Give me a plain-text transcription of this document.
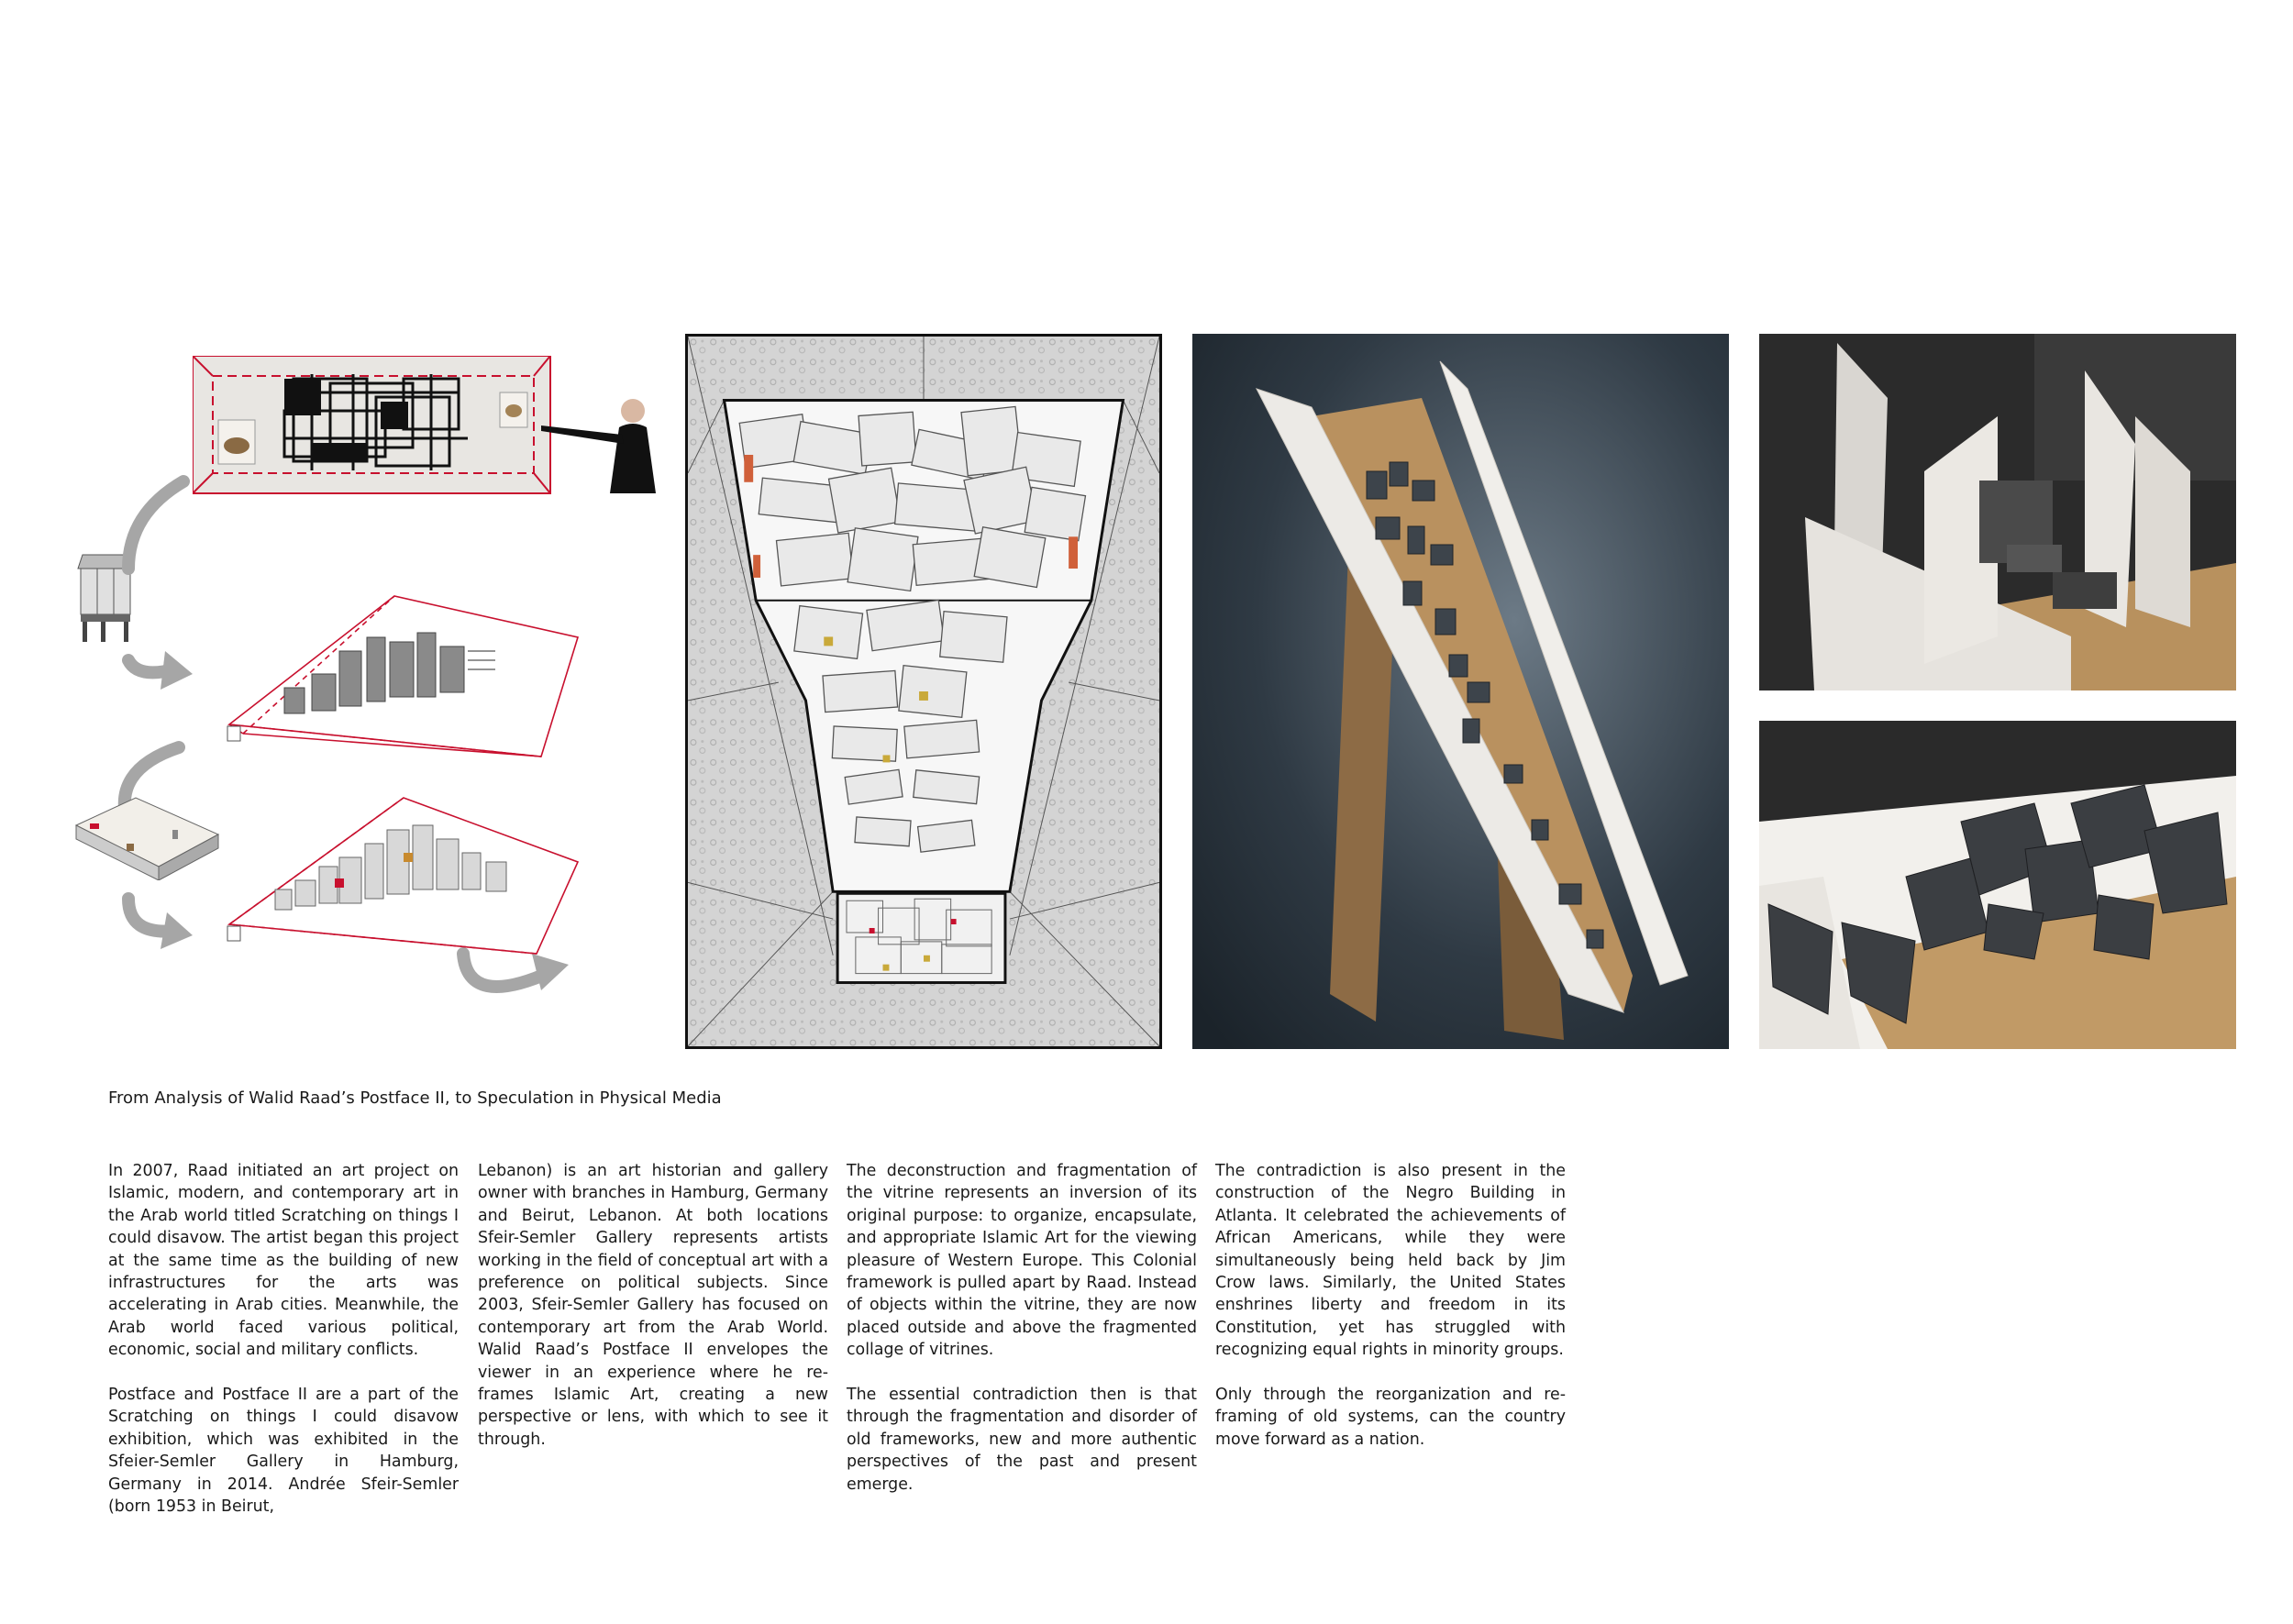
From Analysis of Walid Raad’s Postface II, to Speculation in Physical Media

In 2007, Raad initiated an art project on Islamic, modern, and contemporary art in the Arab world titled Scratching on things I could disavow. The artist began this project at the same time as the building of new infrastructures for the arts was accelerating in Arab cities. Meanwhile, the Arab world faced various political, economic, social and military conflicts.

Postface and Postface II are a part of the Scratching on things I could disavow exhibition, which was exhibited in the Sfeier-Semler Gallery in Hamburg, Germany in 2014. Andrée Sfeir-Semler (born 1953 in Beirut,

Lebanon) is an art historian and gallery owner with branches in Hamburg, Germany and Beirut, Lebanon. At both locations Sfeir-Semler Gallery represents artists working in the field of conceptual art with a preference on political subjects. Since 2003, Sfeir-Semler Gallery has focused on contemporary art from the Arab World. Walid Raad’s Postface II envelopes the viewer in an experience where he re-frames Islamic Art, creating a new perspective or lens, with which to see it through.

The deconstruction and fragmentation of the vitrine represents an inversion of its original purpose: to organize, encapsulate, and appropriate Islamic Art for the viewing pleasure of Western Europe. This Colonial framework is pulled apart by Raad. Instead of objects within the vitrine, they are now placed outside and above the fragmented collage of vitrines.

The essential contradiction then is that through the fragmentation and disorder of old frameworks, new and more authentic perspectives of the past and present emerge.

The contradiction is also present in the construction of the Negro Building in Atlanta. It celebrated the achievements of African Americans, while they were simultaneously being held back by Jim Crow laws. Similarly, the United States enshrines liberty and freedom in its Constitution, yet has struggled with recognizing equal rights in minority groups.

Only through the reorganization and re-framing of old systems, can the country move forward as a nation.
